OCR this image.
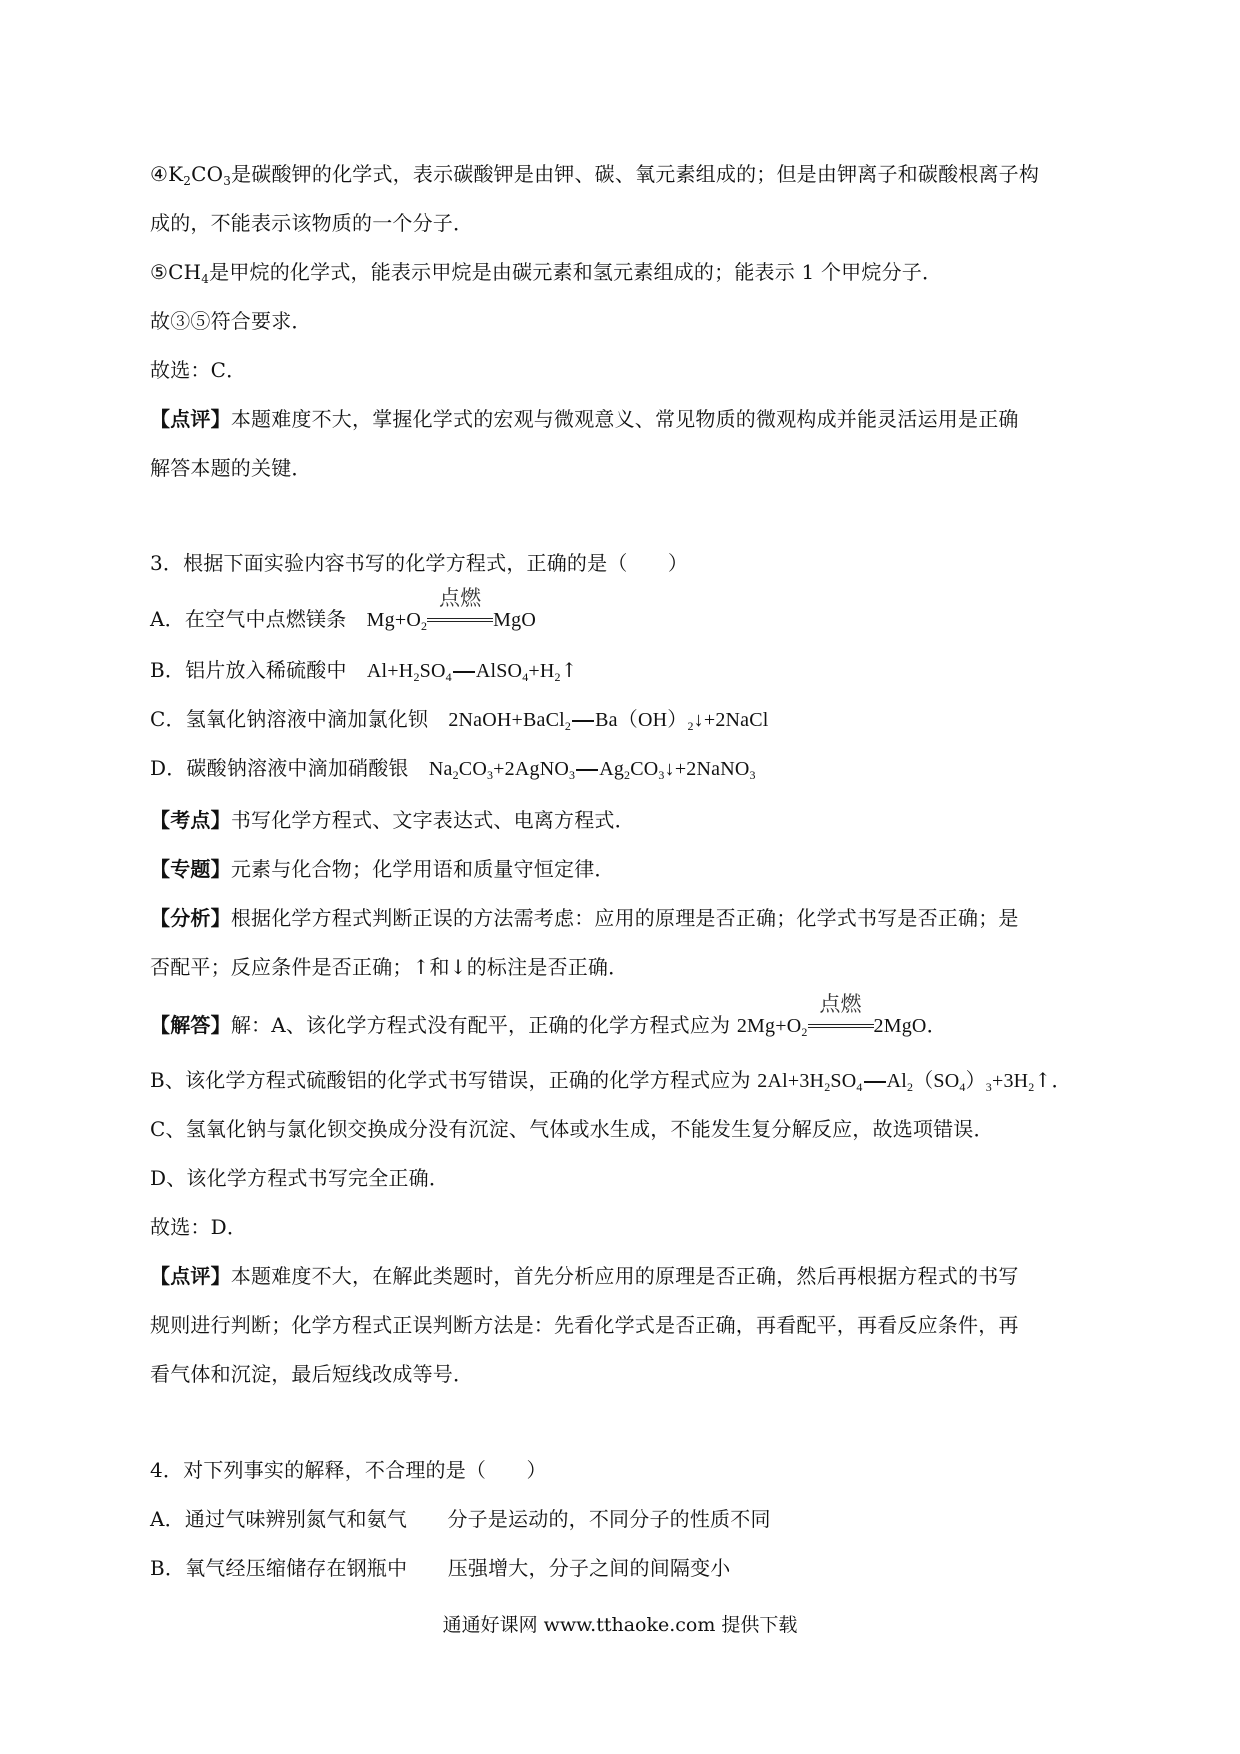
$④K_2CO_3$是碳酸钾的化学式，表示碳酸钾是由钾、碳、氧元素组成的；但是由钾离子和碳酸根离子构
成的，不能表示该物质的一个分子．
$⑤CH_4$是甲烷的化学式，能表示甲烷是由碳元素和氢元素组成的；能表示 1 个甲烷分子．
故③⑤符合要求．
故选：C．
【点评】本题难度不大，掌握化学式的宏观与微观意义、常见物质的微观构成并能灵活运用是正确
解答本题的关键．
3．根据下面实验内容书写的化学方程式，正确的是（　　）
A．在空气中点燃镁条　$Mg+O_2$
点燃
MgO
B．铝片放入稀硫酸中　$Al+H_2SO_4$ $AlSO_4+H_2↑$
C．氢氧化钠溶液中滴加氯化钡　2NaOH+BaCl$_2$ $Ba(OH)_2↓+2NaCl$
D．碳酸钠溶液中滴加硝酸银　$Na_2CO_3+2AgNO_3$ $Ag_2CO_3↓+2NaNO_3$
【考点】书写化学方程式、文字表达式、电离方程式．
【专题】元素与化合物；化学用语和质量守恒定律．
【分析】根据化学方程式判断正误的方法需考虑：应用的原理是否正确；化学式书写是否正确；是
否配平；反应条件是否正确；↑和↓的标注是否正确．
【解答】解：A、该化学方程式没有配平，正确的化学方程式应为 $2Mg+O_2$
点燃
2MgO．
B、该化学方程式硫酸铝的化学式书写错误，正确的化学方程式应为 $2Al+3H_2SO_4$ $Al_2(SO_4)_3+3H_2↑$．
C、氢氧化钠与氯化钡交换成分没有沉淀、气体或水生成，不能发生复分解反应，故选项错误．
D、该化学方程式书写完全正确．
故选：D．
【点评】本题难度不大，在解此类题时，首先分析应用的原理是否正确，然后再根据方程式的书写
规则进行判断；化学方程式正误判断方法是：先看化学式是否正确，再看配平，再看反应条件，再
看气体和沉淀，最后短线改成等号．
4．对下列事实的解释，不合理的是（　　）
A．通过气味辨别氮气和氨气　　分子是运动的，不同分子的性质不同
B．氧气经压缩储存在钢瓶中　　压强增大，分子之间的间隔变小
通通好课网 www.tthaoke.com 提供下载
